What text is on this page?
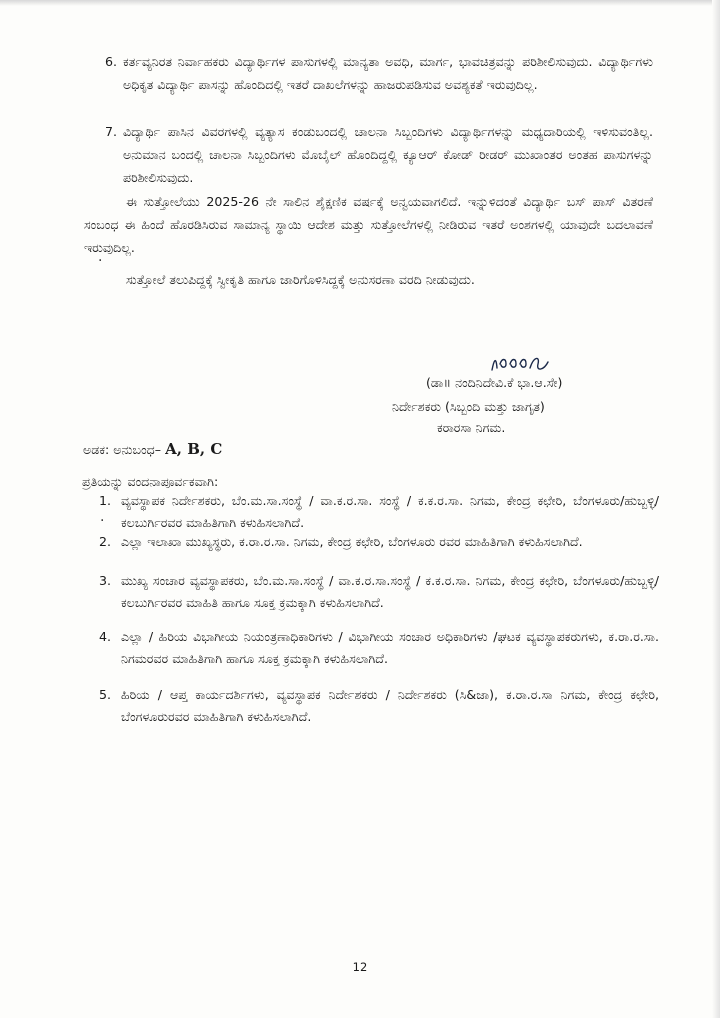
6. ಕರ್ತವ್ಯನಿರತ ನಿರ್ವಾಹಕರು ವಿದ್ಯಾರ್ಥಿಗಳ ಪಾಸುಗಳಲ್ಲಿ ಮಾನ್ಯತಾ ಅವಧಿ, ಮಾರ್ಗ, ಭಾವಚಿತ್ರವನ್ನು ಪರಿಶೀಲಿಸುವುದು. ವಿದ್ಯಾರ್ಥಿಗಳು ಅಧಿಕೃತ ವಿದ್ಯಾರ್ಥಿ ಪಾಸನ್ನು ಹೊಂದಿದಲ್ಲಿ ಇತರೆ ದಾಖಲೆಗಳನ್ನು ಹಾಜರುಪಡಿಸುವ ಅವಶ್ಯಕತೆ ಇರುವುದಿಲ್ಲ.
7. ವಿದ್ಯಾರ್ಥಿ ಪಾಸಿನ ವಿವರಗಳಲ್ಲಿ ವ್ಯತ್ಯಾಸ ಕಂಡುಬಂದಲ್ಲಿ ಚಾಲನಾ ಸಿಬ್ಬಂದಿಗಳು ವಿದ್ಯಾರ್ಥಿಗಳನ್ನು ಮಧ್ಯದಾರಿಯಲ್ಲಿ ಇಳಿಸುವಂತಿಲ್ಲ. ಅನುಮಾನ ಬಂದಲ್ಲಿ ಚಾಲನಾ ಸಿಬ್ಬಂದಿಗಳು ಮೊಬೈಲ್ ಹೊಂದಿದ್ದಲ್ಲಿ ಕ್ಯೂಆರ್ ಕೋಡ್ ರೀಡರ್ ಮುಖಾಂತರ ಅಂತಹ ಪಾಸುಗಳನ್ನು ಪರಿಶೀಲಿಸುವುದು.
ಈ ಸುತ್ತೋಲೆಯು 2025-26 ನೇ ಸಾಲಿನ ಶೈಕ್ಷಣಿಕ ವರ್ಷಕ್ಕೆ ಅನ್ವಯವಾಗಲಿದೆ. ಇನ್ನುಳಿದಂತೆ ವಿದ್ಯಾರ್ಥಿ ಬಸ್ ಪಾಸ್ ವಿತರಣೆ ಸಂಬಂಧ ಈ ಹಿಂದೆ ಹೊರಡಿಸಿರುವ ಸಾಮಾನ್ಯ ಸ್ಥಾಯಿ ಆದೇಶ ಮತ್ತು ಸುತ್ತೋಲೆಗಳಲ್ಲಿ ನೀಡಿರುವ ಇತರೆ ಅಂಶಗಳಲ್ಲಿ ಯಾವುದೇ ಬದಲಾವಣೆ ಇರುವುದಿಲ್ಲ.
·
ಸುತ್ತೋಲೆ ತಲುಪಿದ್ದಕ್ಕೆ ಸ್ವೀಕೃತಿ ಹಾಗೂ ಜಾರಿಗೊಳಿಸಿದ್ದಕ್ಕೆ ಅನುಸರಣಾ ವರದಿ ನೀಡುವುದು.
(ಡಾ॥ ನಂದಿನಿದೇವಿ.ಕೆ ಭಾ.ಆ.ಸೇ)
ನಿರ್ದೇಶಕರು (ಸಿಬ್ಬಂದಿ ಮತ್ತು ಜಾಗೃತ)
ಕರಾರಸಾ ನಿಗಮ.
ಅಡಕ: ಅನುಬಂಧ– A, B, C
ಪ್ರತಿಯನ್ನು ವಂದನಾಪೂರ್ವಕವಾಗಿ:
1. ವ್ಯವಸ್ಥಾಪಕ ನಿರ್ದೇಶಕರು, ಬೆಂ.ಮ.ಸಾ.ಸಂಸ್ಥೆ / ವಾ.ಕ.ರ.ಸಾ. ಸಂಸ್ಥೆ / ಕ.ಕ.ರ.ಸಾ. ನಿಗಮ, ಕೇಂದ್ರ ಕಛೇರಿ, ಬೆಂಗಳೂರು/ಹುಬ್ಬಳ್ಳಿ/ಕಲಬುರ್ಗಿರವರ ಮಾಹಿತಿಗಾಗಿ ಕಳುಹಿಸಲಾಗಿದೆ.
2. ಎಲ್ಲಾ ಇಲಾಖಾ ಮುಖ್ಯಸ್ಥರು, ಕ.ರಾ.ರ.ಸಾ. ನಿಗಮ, ಕೇಂದ್ರ ಕಛೇರಿ, ಬೆಂಗಳೂರು ರವರ ಮಾಹಿತಿಗಾಗಿ ಕಳುಹಿಸಲಾಗಿದೆ.
3. ಮುಖ್ಯ ಸಂಚಾರ ವ್ಯವಸ್ಥಾಪಕರು, ಬೆಂ.ಮ.ಸಾ.ಸಂಸ್ಥೆ / ವಾ.ಕ.ರ.ಸಾ.ಸಂಸ್ಥೆ / ಕ.ಕ.ರ.ಸಾ. ನಿಗಮ, ಕೇಂದ್ರ ಕಛೇರಿ, ಬೆಂಗಳೂರು/ಹುಬ್ಬಳ್ಳಿ/ಕಲಬುರ್ಗಿರವರ ಮಾಹಿತಿ ಹಾಗೂ ಸೂಕ್ತ ಕ್ರಮಕ್ಕಾಗಿ ಕಳುಹಿಸಲಾಗಿದೆ.
4. ಎಲ್ಲಾ / ಹಿರಿಯ ವಿಭಾಗೀಯ ನಿಯಂತ್ರಣಾಧಿಕಾರಿಗಳು / ವಿಭಾಗೀಯ ಸಂಚಾರ ಅಧಿಕಾರಿಗಳು /ಘಟಕ ವ್ಯವಸ್ಥಾಪಕರುಗಳು, ಕ.ರಾ.ರ.ಸಾ. ನಿಗಮರವರ ಮಾಹಿತಿಗಾಗಿ ಹಾಗೂ ಸೂಕ್ತ ಕ್ರಮಕ್ಕಾಗಿ ಕಳುಹಿಸಲಾಗಿದೆ.
5. ಹಿರಿಯ / ಆಪ್ತ ಕಾರ್ಯದರ್ಶಿಗಳು, ವ್ಯವಸ್ಥಾಪಕ ನಿರ್ದೇಶಕರು / ನಿರ್ದೇಶಕರು (ಸಿ&ಜಾ), ಕ.ರಾ.ರ.ಸಾ ನಿಗಮ, ಕೇಂದ್ರ ಕಛೇರಿ, ಬೆಂಗಳೂರುರವರ ಮಾಹಿತಿಗಾಗಿ ಕಳುಹಿಸಲಾಗಿದೆ.
·
12
